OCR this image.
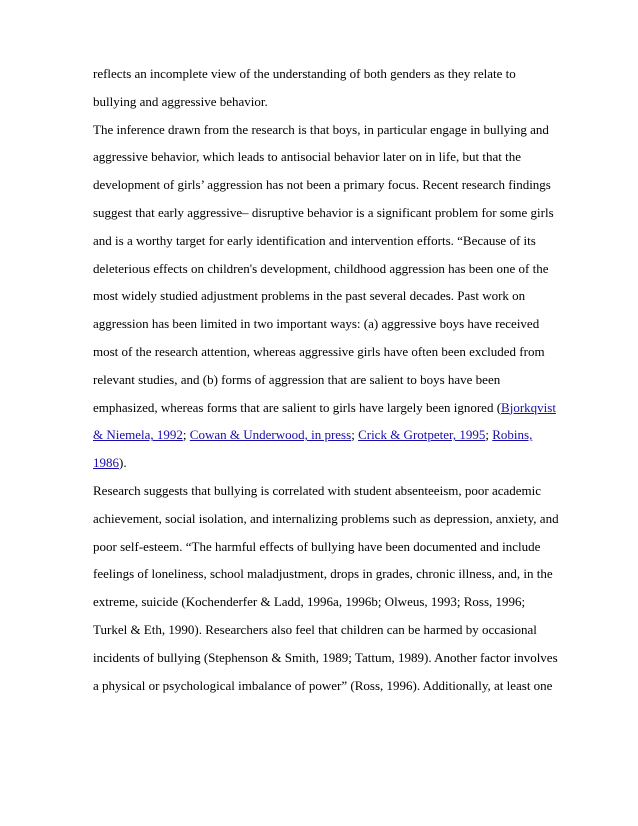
reflects an incomplete view of the understanding of both genders as they relate to
bullying and aggressive behavior.
The inference drawn from the research is that boys, in particular engage in bullying and
aggressive behavior, which leads to antisocial behavior later on in life, but that the
development of girls’ aggression has not been a primary focus. Recent research findings
suggest that early aggressive– disruptive behavior is a significant problem for some girls
and is a worthy target for early identification and intervention efforts. “Because of its
deleterious effects on children's development, childhood aggression has been one of the
most widely studied adjustment problems in the past several decades. Past work on
aggression has been limited in two important ways: (a) aggressive boys have received
most of the research attention, whereas aggressive girls have often been excluded from
relevant studies, and (b) forms of aggression that are salient to boys have been
emphasized, whereas forms that are salient to girls have largely been ignored (Bjorkqvist
& Niemela, 1992; Cowan & Underwood, in press; Crick & Grotpeter, 1995; Robins,
1986).
Research suggests that bullying is correlated with student absenteeism, poor academic
achievement, social isolation, and internalizing problems such as depression, anxiety, and
poor self-esteem. “The harmful effects of bullying have been documented and include
feelings of loneliness, school maladjustment, drops in grades, chronic illness, and, in the
extreme, suicide (Kochenderfer & Ladd, 1996a, 1996b; Olweus, 1993; Ross, 1996;
Turkel & Eth, 1990). Researchers also feel that children can be harmed by occasional
incidents of bullying (Stephenson & Smith, 1989; Tattum, 1989). Another factor involves
a physical or psychological imbalance of power” (Ross, 1996). Additionally, at least one
